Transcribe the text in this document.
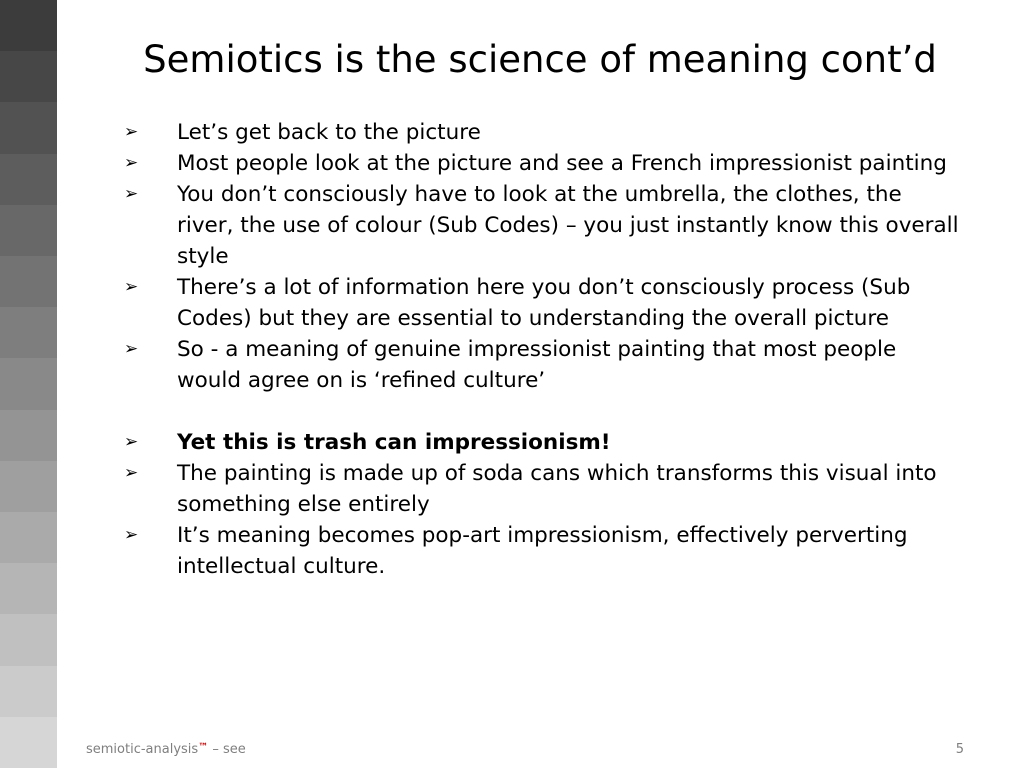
Semiotics is the science of meaning cont’d
➢	Let’s get back to the picture
➢	Most people look at the picture and see a French impressionist painting
➢	You don’t consciously have to look at the umbrella, the clothes, the river, the use of colour (Sub Codes) – you just instantly know this overall style
➢	There’s a lot of information here you don’t consciously process (Sub Codes) but they are essential to understanding the overall picture
➢	So - a meaning of genuine impressionist painting that most people would agree on is ‘refined culture’
➢	Yet this is trash can impressionism!
➢	The painting is made up of soda cans which transforms this visual into something else entirely
➢	It’s meaning becomes pop-art impressionism, effectively perverting intellectual culture.
semiotic-analysis™ – see	5
